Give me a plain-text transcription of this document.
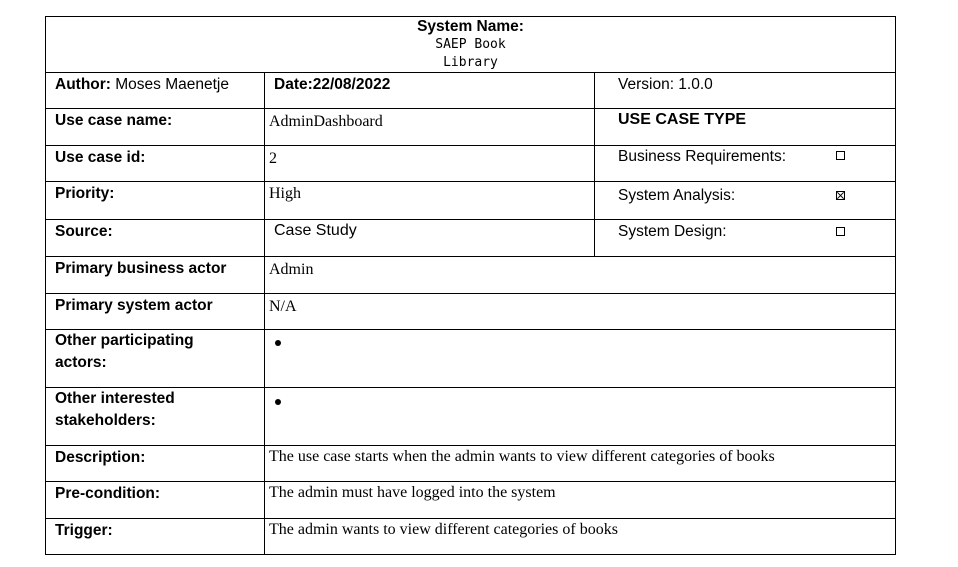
System Name:
SAEP Book
Library
Author: Moses Maenetje	Date:22/08/2022	Version: 1.0.0
Use case name:	AdminDashboard	USE CASE TYPE
Use case id:	2	Business Requirements:
Priority:	High	System Analysis:
Source:	Case Study	System Design:
Primary business actor	Admin
Primary system actor	N/A
Other participating
actors:
Other interested
stakeholders:
Description:	The use case starts when the admin wants to view different categories of books
Pre-condition:	The admin must have logged into the system
Trigger:	The admin wants to view different categories of books
